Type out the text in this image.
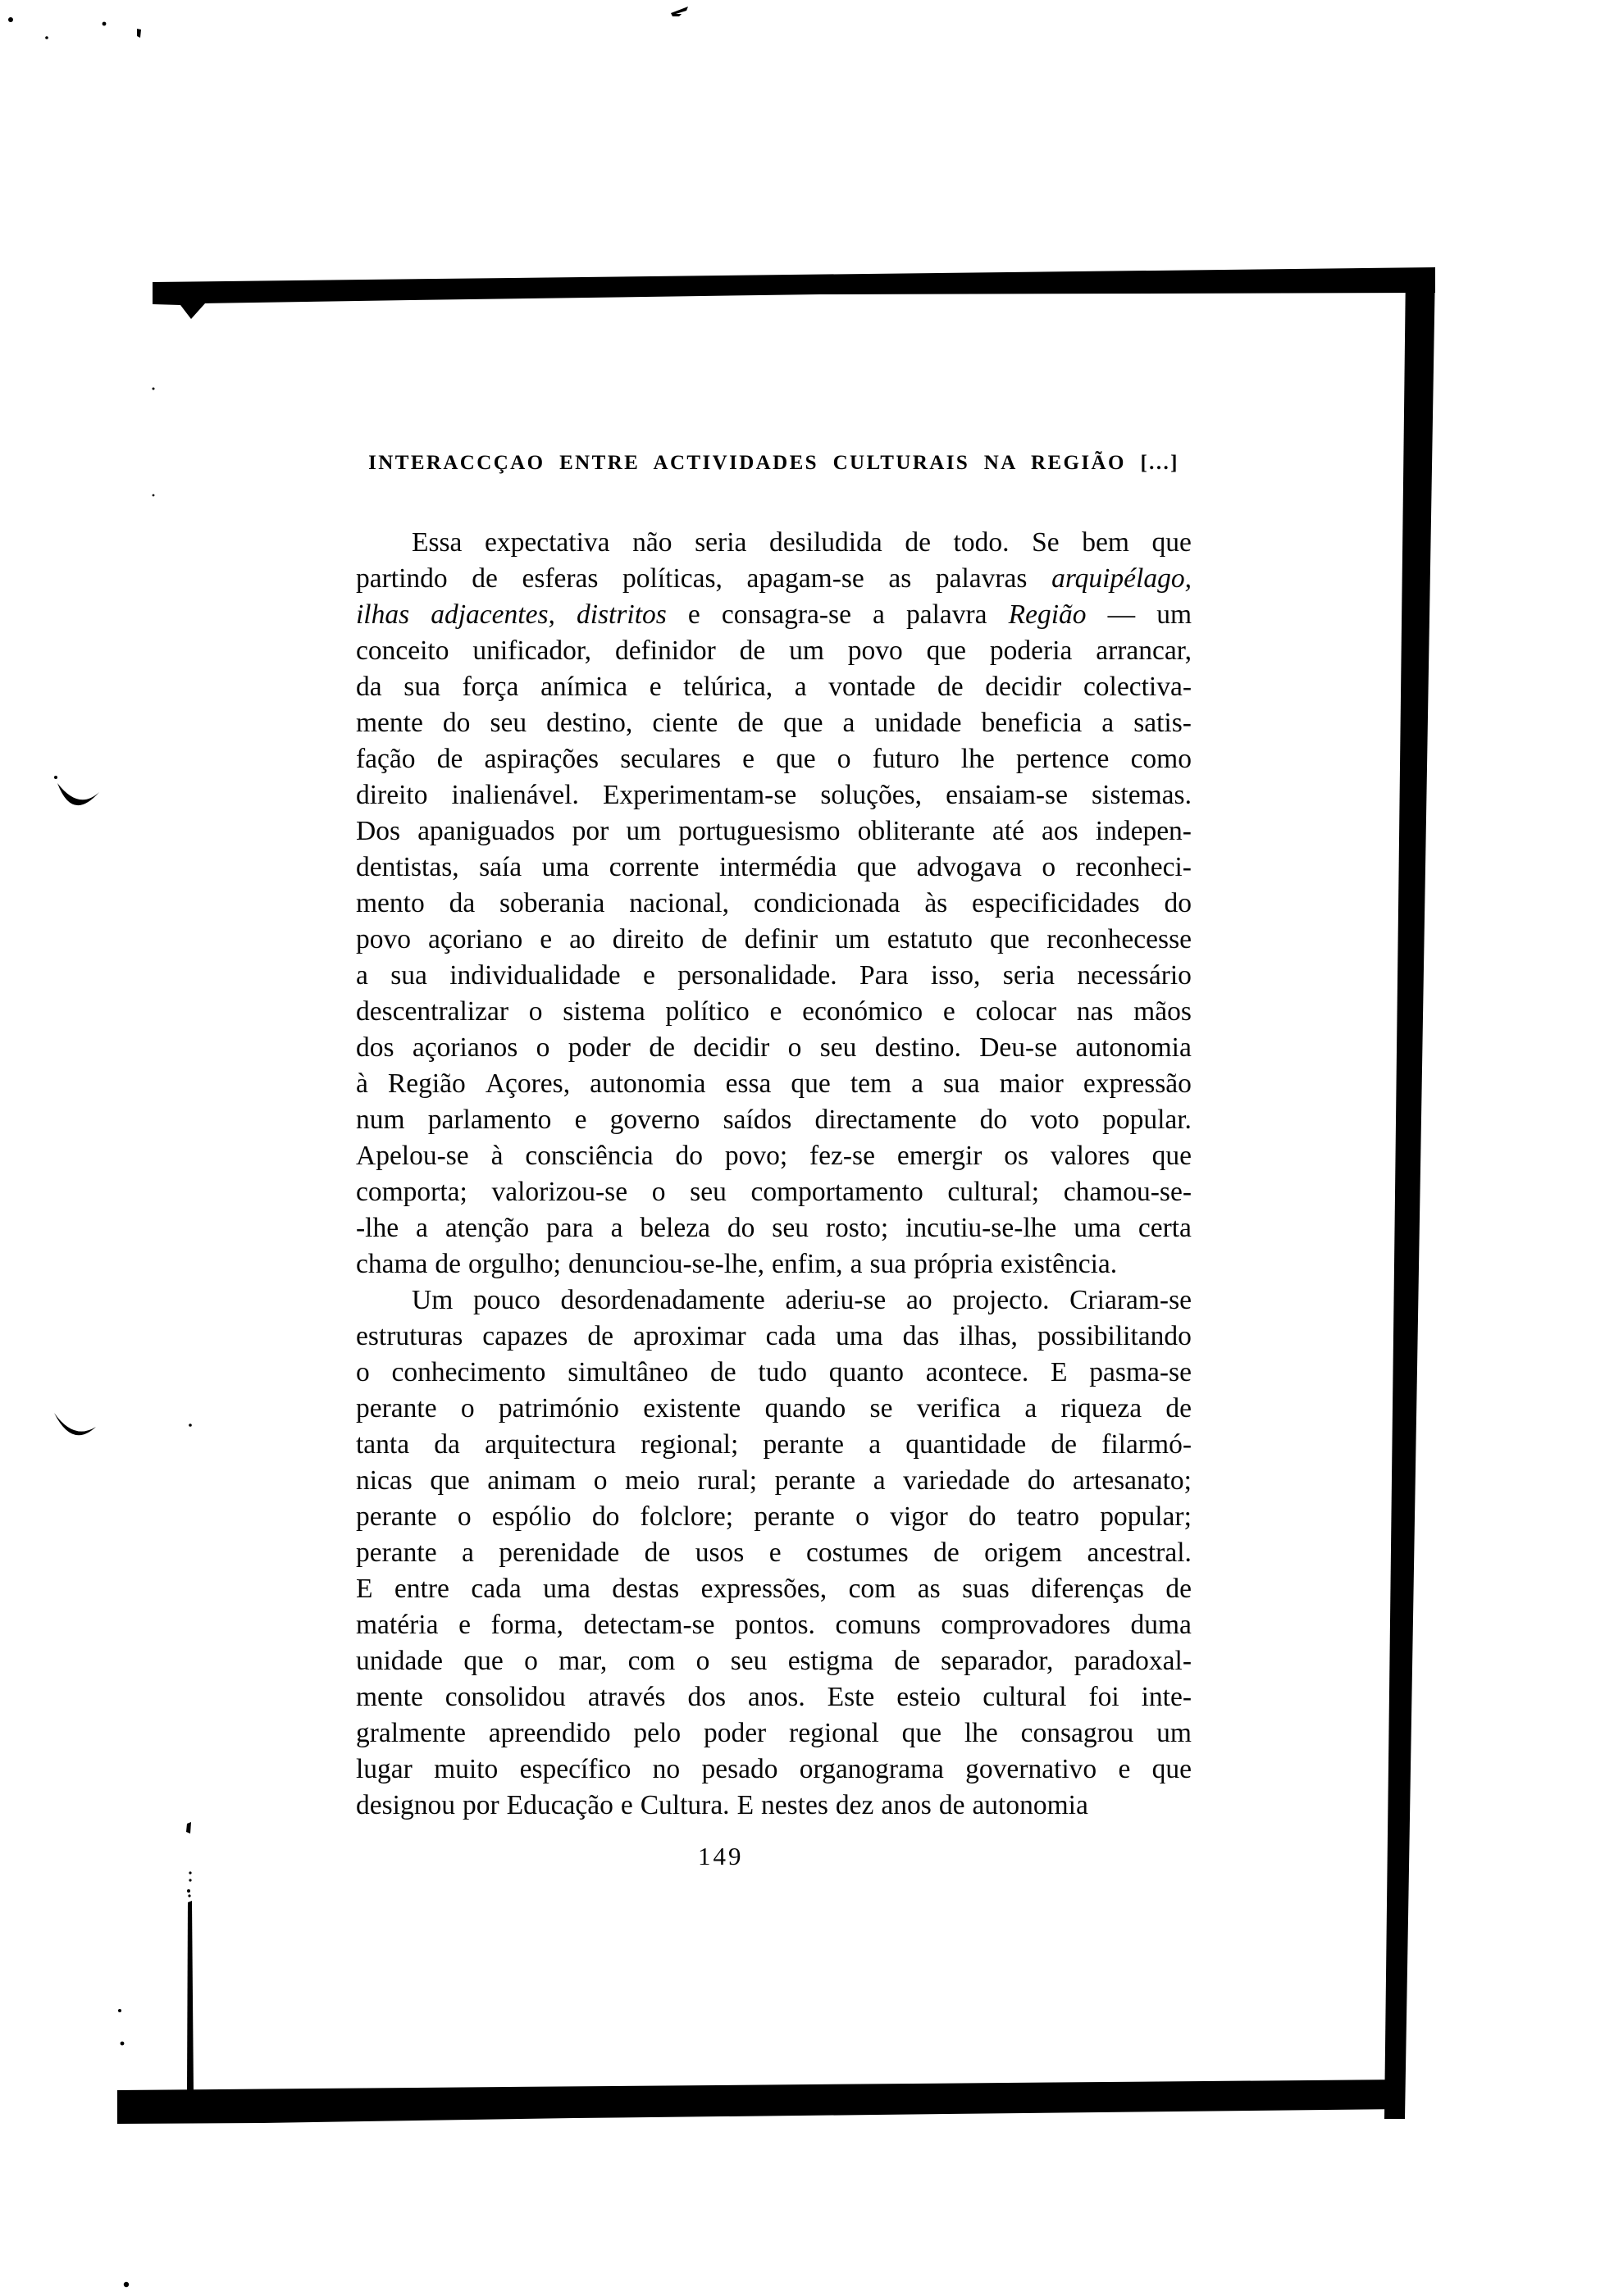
INTERACCÇAO ENTRE ACTIVIDADES CULTURAIS NA REGIÃO [...]
Essa expectativa não seria desiludida de todo. Se bem que
partindo de esferas políticas, apagam-se as palavras arquipélago,
ilhas adjacentes, distritos e consagra-se a palavra Região — um
conceito unificador, definidor de um povo que poderia arrancar,
da sua força anímica e telúrica, a vontade de decidir colectiva-
mente do seu destino, ciente de que a unidade beneficia a satis-
fação de aspirações seculares e que o futuro lhe pertence como
direito inalienável. Experimentam-se soluções, ensaiam-se sistemas.
Dos apaniguados por um portuguesismo obliterante até aos indepen-
dentistas, saía uma corrente intermédia que advogava o reconheci-
mento da soberania nacional, condicionada às especificidades do
povo açoriano e ao direito de definir um estatuto que reconhecesse
a sua individualidade e personalidade. Para isso, seria necessário
descentralizar o sistema político e económico e colocar nas mãos
dos açorianos o poder de decidir o seu destino. Deu-se autonomia
à Região Açores, autonomia essa que tem a sua maior expressão
num parlamento e governo saídos directamente do voto popular.
Apelou-se à consciência do povo; fez-se emergir os valores que
comporta; valorizou-se o seu comportamento cultural; chamou-se-
-lhe a atenção para a beleza do seu rosto; incutiu-se-lhe uma certa
chama de orgulho; denunciou-se-lhe, enfim, a sua própria existência.
Um pouco desordenadamente aderiu-se ao projecto. Criaram-se
estruturas capazes de aproximar cada uma das ilhas, possibilitando
o conhecimento simultâneo de tudo quanto acontece. E pasma-se
perante o património existente quando se verifica a riqueza de
tanta da arquitectura regional; perante a quantidade de filarmó-
nicas que animam o meio rural; perante a variedade do artesanato;
perante o espólio do folclore; perante o vigor do teatro popular;
perante a perenidade de usos e costumes de origem ancestral.
E entre cada uma destas expressões, com as suas diferenças de
matéria e forma, detectam-se pontos. comuns comprovadores duma
unidade que o mar, com o seu estigma de separador, paradoxal-
mente consolidou através dos anos. Este esteio cultural foi inte-
gralmente apreendido pelo poder regional que lhe consagrou um
lugar muito específico no pesado organograma governativo e que
designou por Educação e Cultura. E nestes dez anos de autonomia
149
